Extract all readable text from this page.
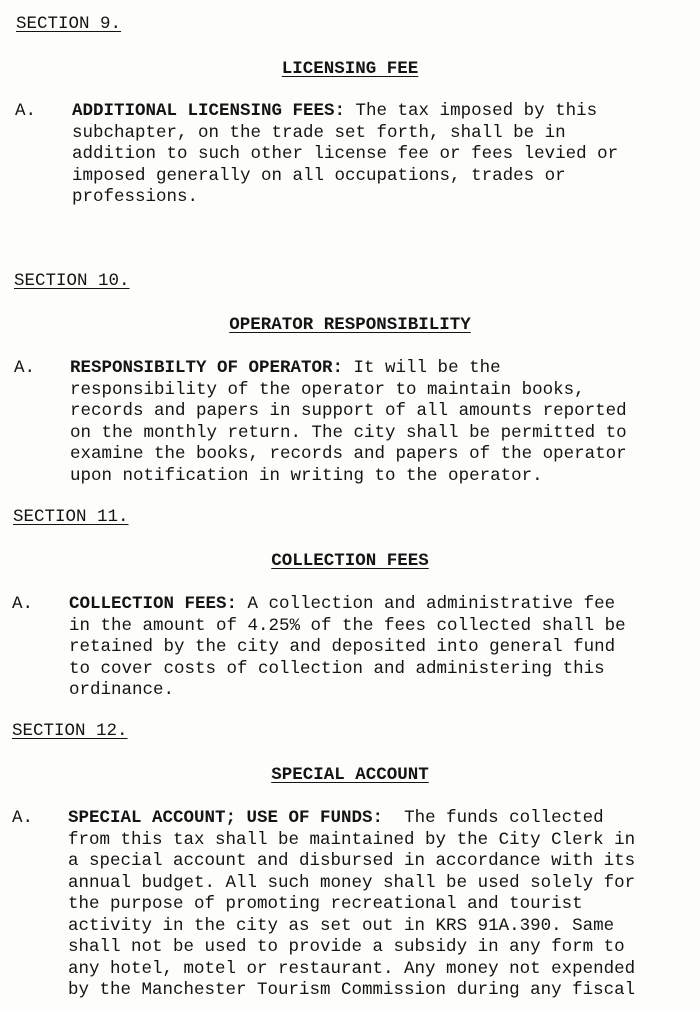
SECTION 9.
LICENSING FEE
A. ADDITIONAL LICENSING FEES: The tax imposed by this
subchapter, on the trade set forth, shall be in
addition to such other license fee or fees levied or
imposed generally on all occupations, trades or
professions.
SECTION 10.
OPERATOR RESPONSIBILITY
A. RESPONSIBILTY OF OPERATOR: It will be the
responsibility of the operator to maintain books,
records and papers in support of all amounts reported
on the monthly return. The city shall be permitted to
examine the books, records and papers of the operator
upon notification in writing to the operator.
SECTION 11.
COLLECTION FEES
A. COLLECTION FEES: A collection and administrative fee
in the amount of 4.25% of the fees collected shall be
retained by the city and deposited into general fund
to cover costs of collection and administering this
ordinance.
SECTION 12.
SPECIAL ACCOUNT
A. SPECIAL ACCOUNT; USE OF FUNDS:  The funds collected
from this tax shall be maintained by the City Clerk in
a special account and disbursed in accordance with its
annual budget. All such money shall be used solely for
the purpose of promoting recreational and tourist
activity in the city as set out in KRS 91A.390. Same
shall not be used to provide a subsidy in any form to
any hotel, motel or restaurant. Any money not expended
by the Manchester Tourism Commission during any fiscal
